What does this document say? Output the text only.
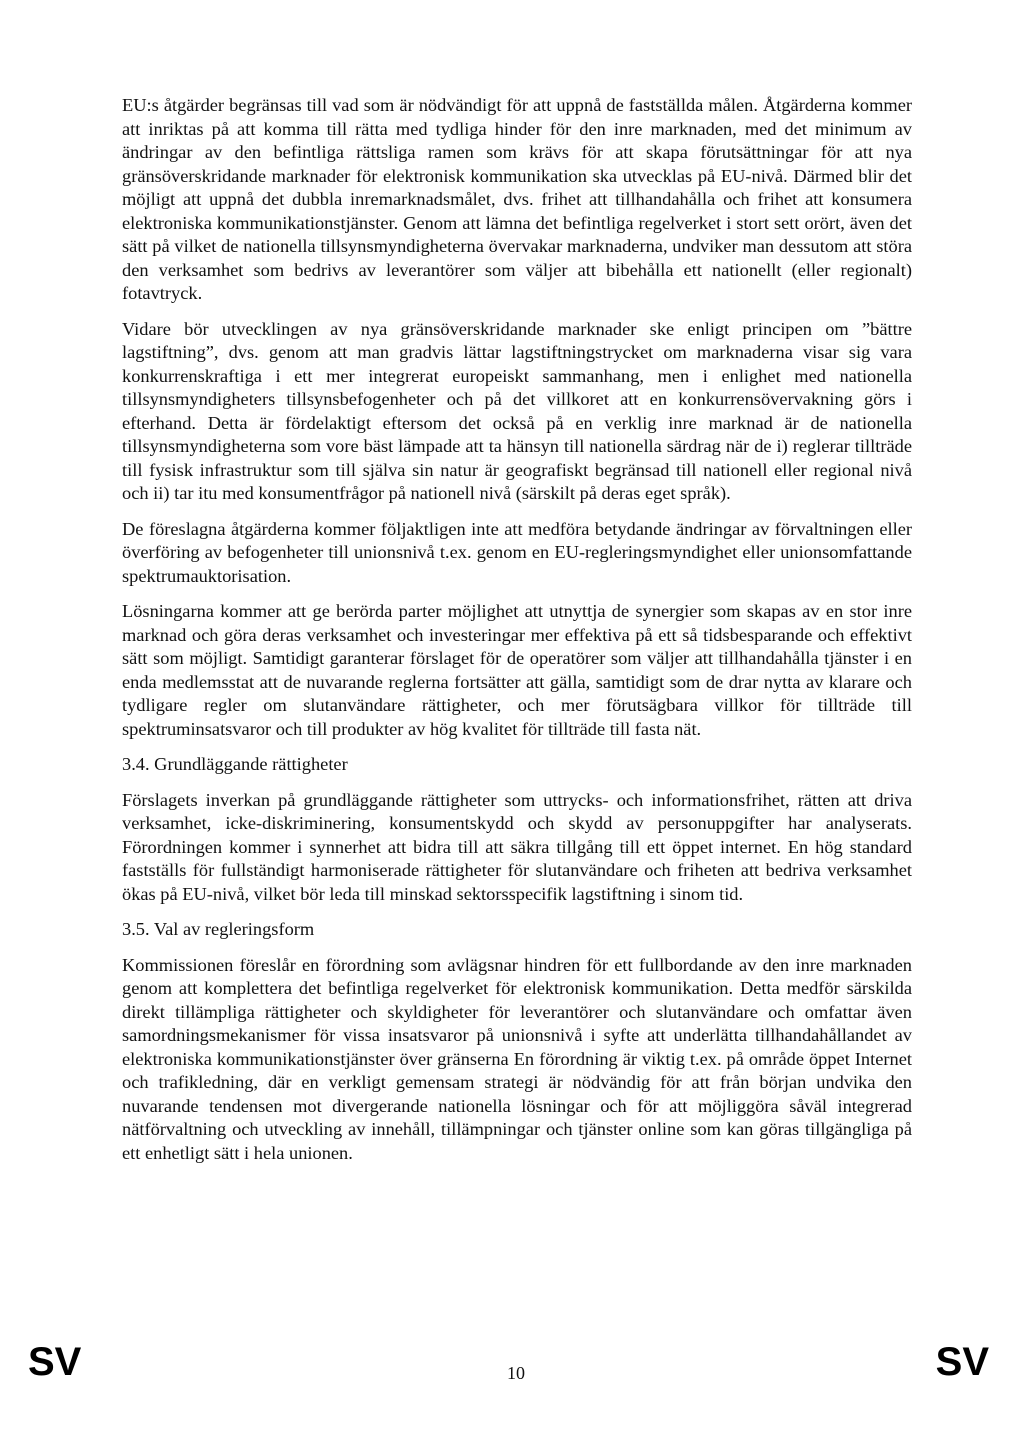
EU:s åtgärder begränsas till vad som är nödvändigt för att uppnå de fastställda målen. Åtgärderna kommer att inriktas på att komma till rätta med tydliga hinder för den inre marknaden, med det minimum av ändringar av den befintliga rättsliga ramen som krävs för att skapa förutsättningar för att nya gränsöverskridande marknader för elektronisk kommunikation ska utvecklas på EU-nivå. Därmed blir det möjligt att uppnå det dubbla inremarknadsmålet, dvs. frihet att tillhandahålla och frihet att konsumera elektroniska kommunikationstjänster. Genom att lämna det befintliga regelverket i stort sett orört, även det sätt på vilket de nationella tillsynsmyndigheterna övervakar marknaderna, undviker man dessutom att störa den verksamhet som bedrivs av leverantörer som väljer att bibehålla ett nationellt (eller regionalt) fotavtryck.

Vidare bör utvecklingen av nya gränsöverskridande marknader ske enligt principen om ”bättre lagstiftning”, dvs. genom att man gradvis lättar lagstiftningstrycket om marknaderna visar sig vara konkurrenskraftiga i ett mer integrerat europeiskt sammanhang, men i enlighet med nationella tillsynsmyndigheters tillsynsbefogenheter och på det villkoret att en konkurrensövervakning görs i efterhand. Detta är fördelaktigt eftersom det också på en verklig inre marknad är de nationella tillsynsmyndigheterna som vore bäst lämpade att ta hänsyn till nationella särdrag när de i) reglerar tillträde till fysisk infrastruktur som till själva sin natur är geografiskt begränsad till nationell eller regional nivå och ii) tar itu med konsumentfrågor på nationell nivå (särskilt på deras eget språk).

De föreslagna åtgärderna kommer följaktligen inte att medföra betydande ändringar av förvaltningen eller överföring av befogenheter till unionsnivå t.ex. genom en EU-regleringsmyndighet eller unionsomfattande spektrumauktorisation.

Lösningarna kommer att ge berörda parter möjlighet att utnyttja de synergier som skapas av en stor inre marknad och göra deras verksamhet och investeringar mer effektiva på ett så tidsbesparande och effektivt sätt som möjligt. Samtidigt garanterar förslaget för de operatörer som väljer att tillhandahålla tjänster i en enda medlemsstat att de nuvarande reglerna fortsätter att gälla, samtidigt som de drar nytta av klarare och tydligare regler om slutanvändare rättigheter, och mer förutsägbara villkor för tillträde till spektruminsatsvaror och till produkter av hög kvalitet för tillträde till fasta nät.

3.4. Grundläggande rättigheter

Förslagets inverkan på grundläggande rättigheter som uttrycks- och informationsfrihet, rätten att driva verksamhet, icke-diskriminering, konsumentskydd och skydd av personuppgifter har analyserats. Förordningen kommer i synnerhet att bidra till att säkra tillgång till ett öppet internet. En hög standard fastställs för fullständigt harmoniserade rättigheter för slutanvändare och friheten att bedriva verksamhet ökas på EU-nivå, vilket bör leda till minskad sektorsspecifik lagstiftning i sinom tid.

3.5. Val av regleringsform

Kommissionen föreslår en förordning som avlägsnar hindren för ett fullbordande av den inre marknaden genom att komplettera det befintliga regelverket för elektronisk kommunikation. Detta medför särskilda direkt tillämpliga rättigheter och skyldigheter för leverantörer och slutanvändare och omfattar även samordningsmekanismer för vissa insatsvaror på unionsnivå i syfte att underlätta tillhandahållandet av elektroniska kommunikationstjänster över gränserna En förordning är viktig t.ex. på område öppet Internet och trafikledning, där en verkligt gemensam strategi är nödvändig för att från början undvika den nuvarande tendensen mot divergerande nationella lösningar och för att möjliggöra såväl integrerad nätförvaltning och utveckling av innehåll, tillämpningar och tjänster online som kan göras tillgängliga på ett enhetligt sätt i hela unionen.

SV	10	SV
